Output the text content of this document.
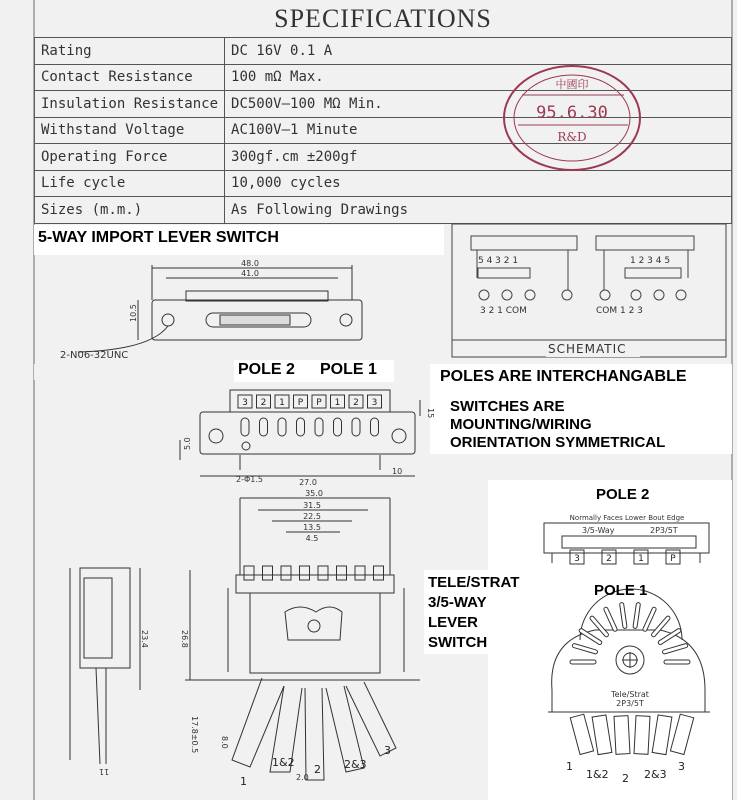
SPECIFICATIONS
Rating	DC 16V 0.1 A
Contact Resistance	100 mΩ Max.
Insulation Resistance	DC500V–100 MΩ Min.
Withstand Voltage	AC100V–1 Minute
Operating Force	300gf.cm ±200gf
Life cycle	10,000 cycles
Sizes (m.m.)	As Following Drawings
中國印
95.6.30
R&D
48.0
41.0
10.5
2-N06-32UNC
3 2 1 P P 1 2 3
27.0
2-Φ1.5
10
15
5.0
35.0
31.5
22.5
13.5
4.5
26.8
23.4
17.8±0.5	8.0
11
2.0
3	2	1	P
Normally Faces Lower Bout Edge
3/5-Way	2P3/5T
Tele/Strat
2P3/5T
5-WAY IMPORT LEVER SWITCH
POLE 2 POLE 1	POLES ARE INTERCHANGABLE
SWITCHES ARE
MOUNTING/WIRING
ORIENTATION SYMMETRICAL
TELE/STRAT
3/5-WAY
LEVER
SWITCH
POLE 2
POLE 1
5 4 3 2 1	1 2 3 4 5
3 2 1 COM	COM 1 2 3
SCHEMATIC
1
1&2
2 2&3
3
1
1&2 2 2&3
3
